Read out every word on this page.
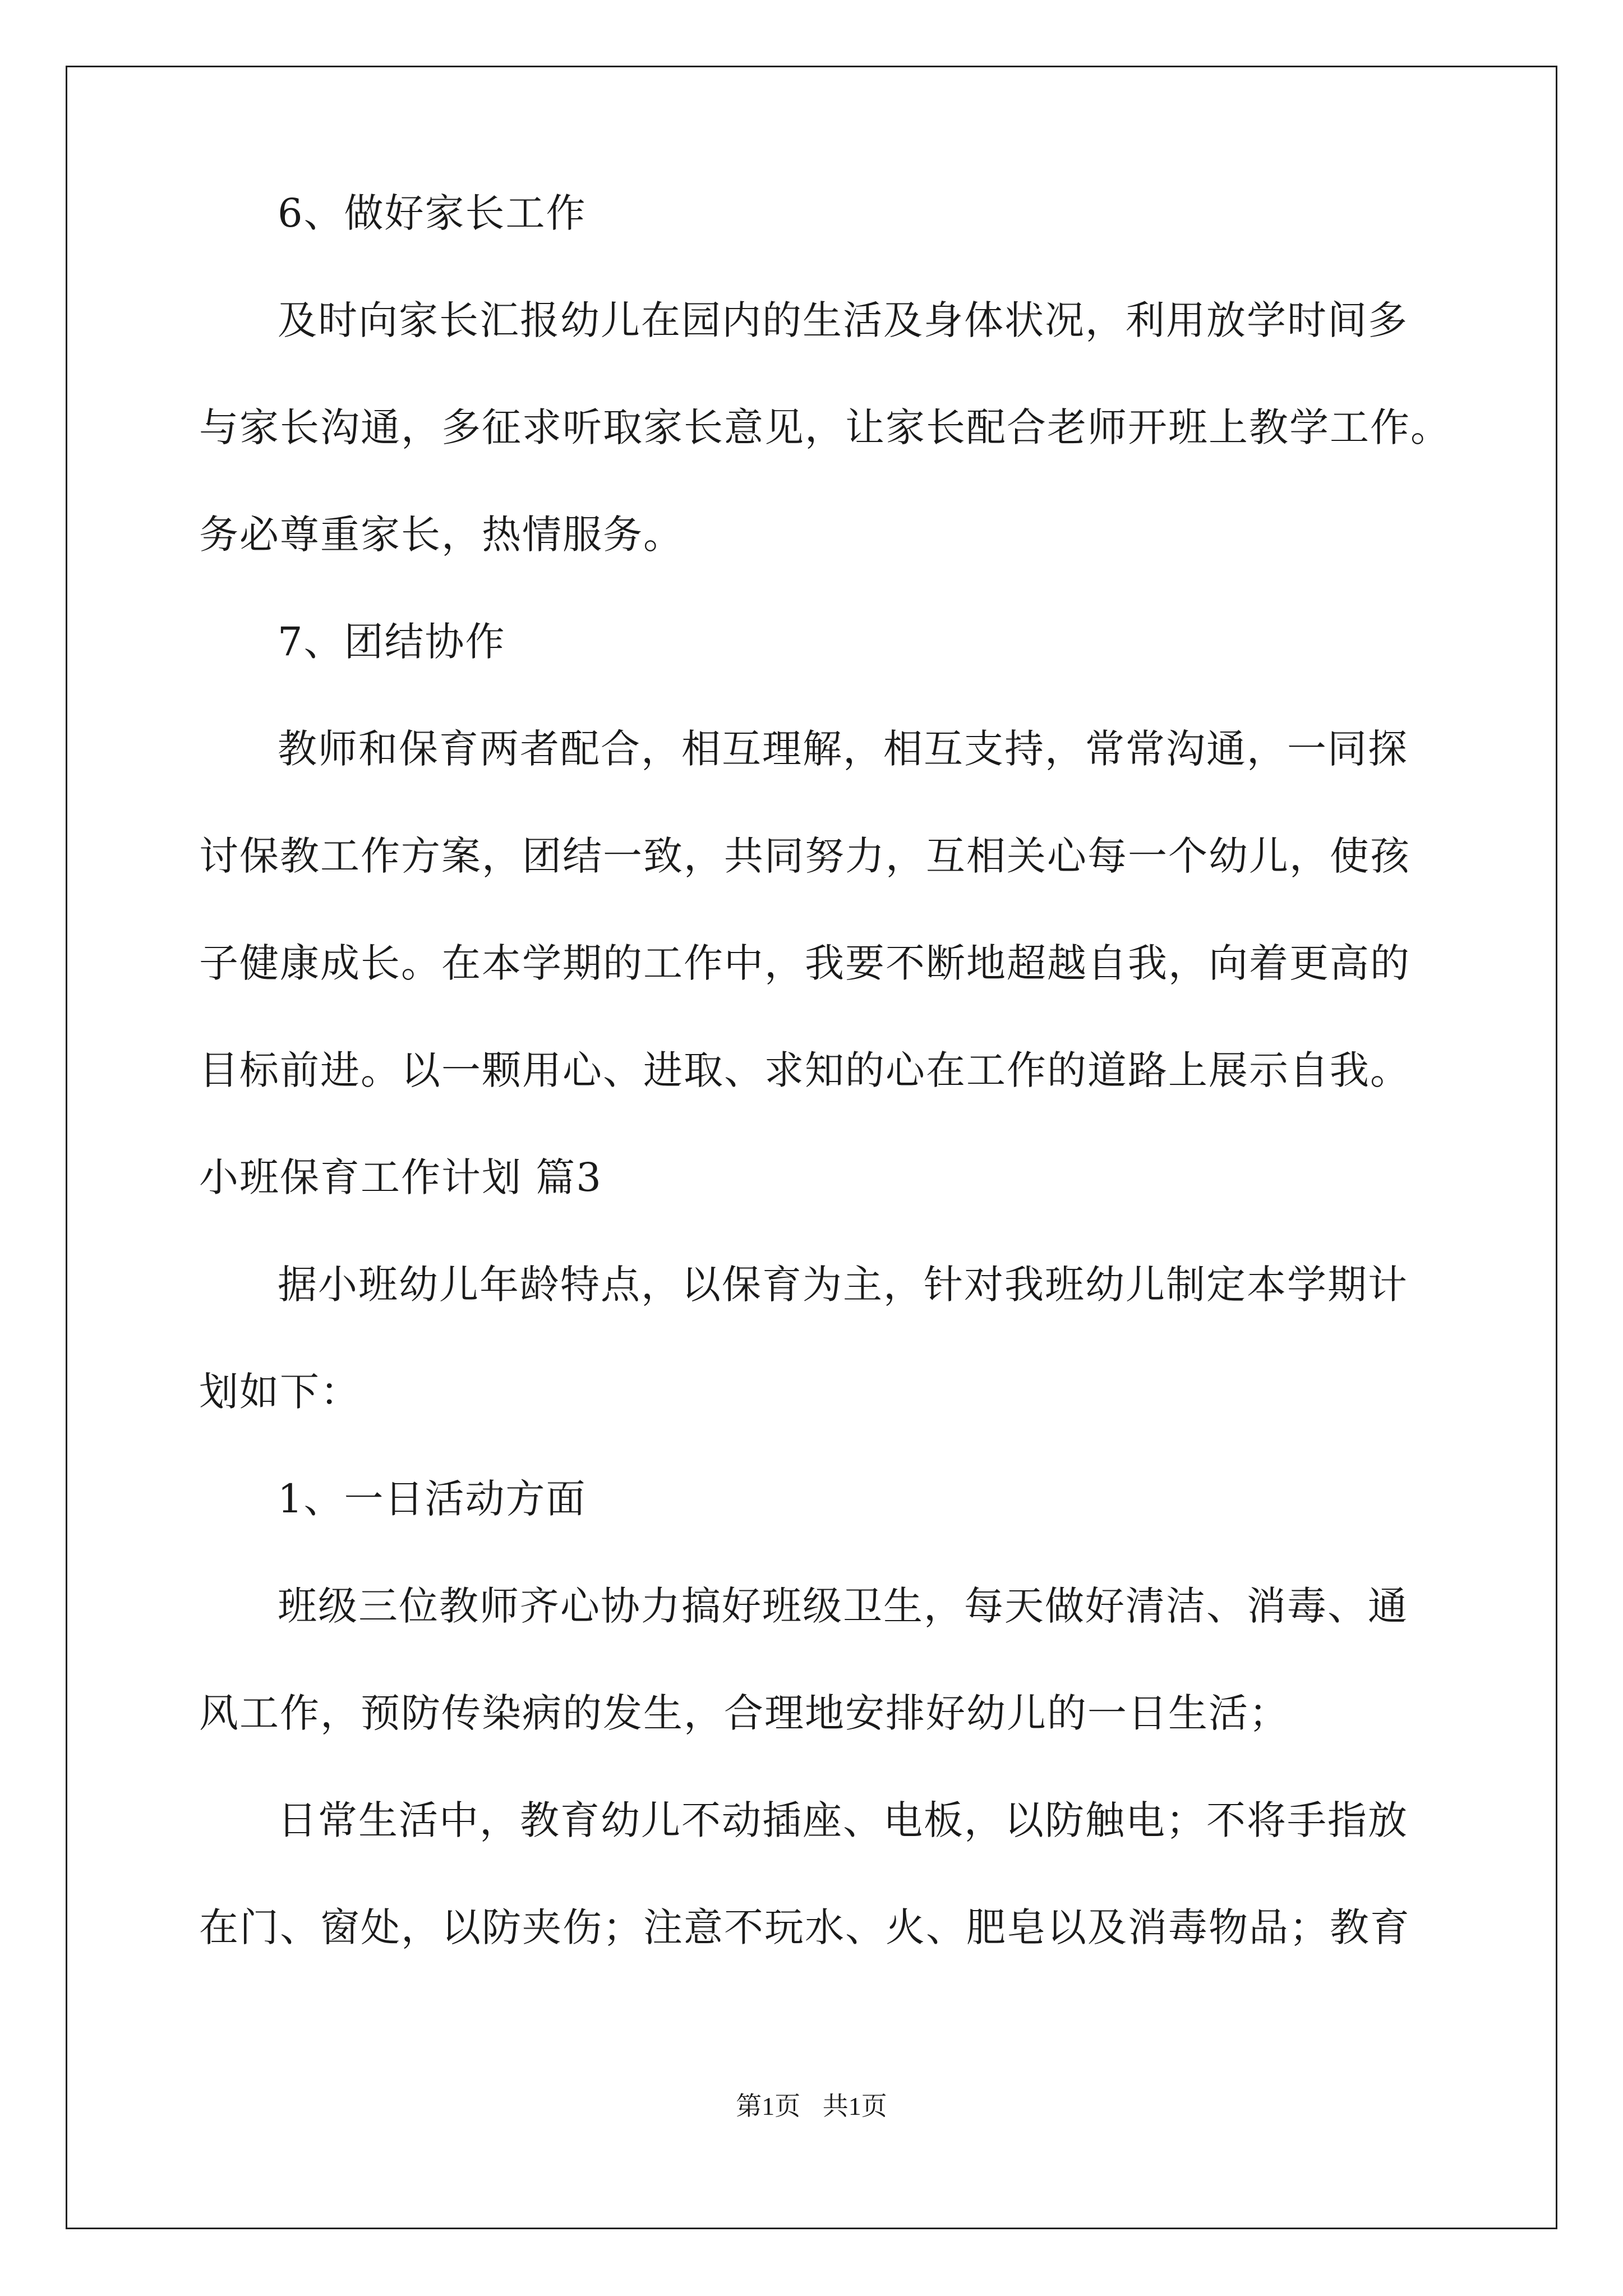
6、做好家长工作
及时向家长汇报幼儿在园内的生活及身体状况，利用放学时间多
与家长沟通，多征求听取家长意见，让家长配合老师开班上教学工作。
务必尊重家长，热情服务。
7、团结协作
教师和保育两者配合，相互理解，相互支持，常常沟通，一同探
讨保教工作方案，团结一致，共同努力，互相关心每一个幼儿，使孩
子健康成长。在本学期的工作中，我要不断地超越自我，向着更高的
目标前进。以一颗用心、进取、求知的心在工作的道路上展示自我。
小班保育工作计划 篇3
据小班幼儿年龄特点，以保育为主，针对我班幼儿制定本学期计
划如下：
1、一日活动方面
班级三位教师齐心协力搞好班级卫生，每天做好清洁、消毒、通
风工作，预防传染病的发生，合理地安排好幼儿的一日生活；
日常生活中，教育幼儿不动插座、电板，以防触电；不将手指放
在门、窗处，以防夹伤；注意不玩水、火、肥皂以及消毒物品；教育
第1页 共1页
